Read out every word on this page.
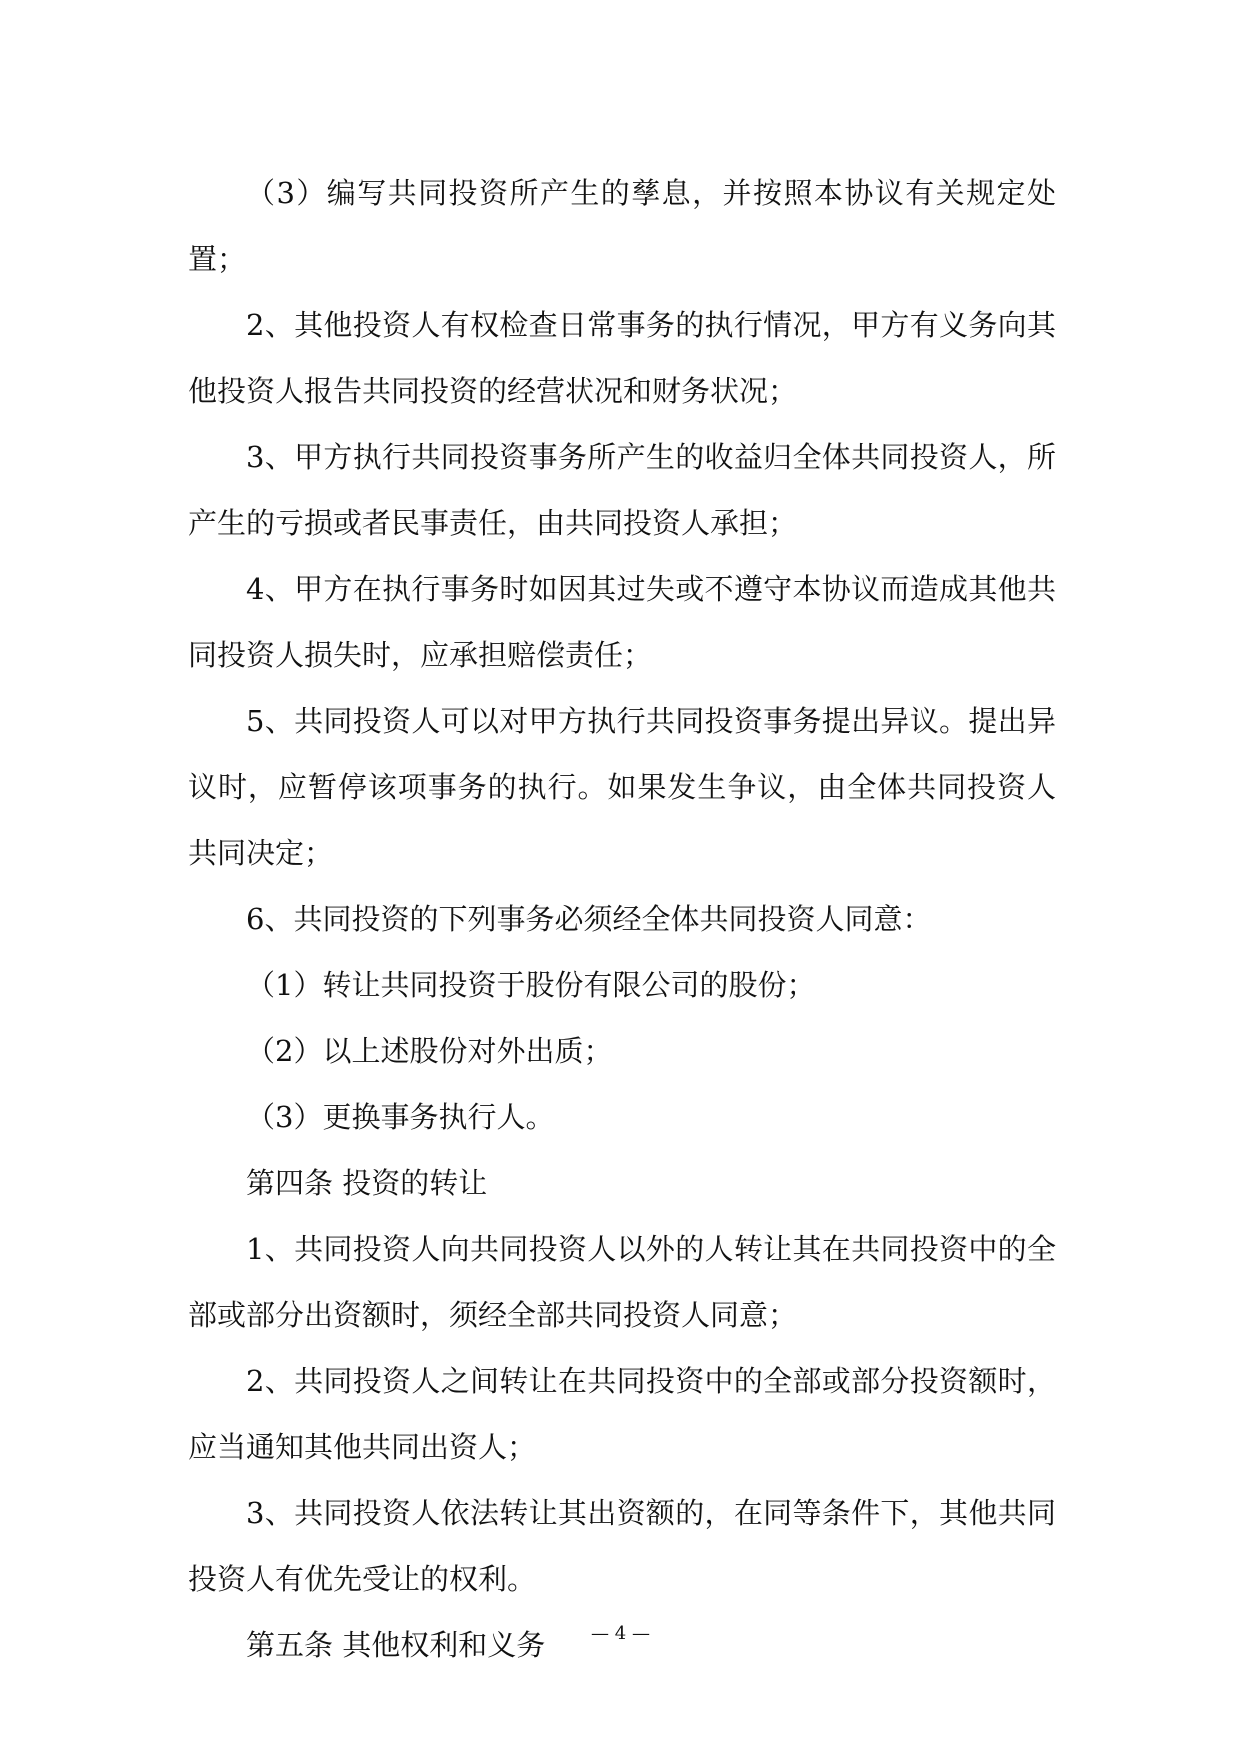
（3）编写共同投资所产生的孳息，并按照本协议有关规定处置；

2、其他投资人有权检查日常事务的执行情况，甲方有义务向其他投资人报告共同投资的经营状况和财务状况；

3、甲方执行共同投资事务所产生的收益归全体共同投资人，所产生的亏损或者民事责任，由共同投资人承担；

4、甲方在执行事务时如因其过失或不遵守本协议而造成其他共同投资人损失时，应承担赔偿责任；

5、共同投资人可以对甲方执行共同投资事务提出异议。提出异议时，应暂停该项事务的执行。如果发生争议，由全体共同投资人共同决定；

6、共同投资的下列事务必须经全体共同投资人同意：

（1）转让共同投资于股份有限公司的股份；

（2）以上述股份对外出质；

（3）更换事务执行人。

第四条 投资的转让

1、共同投资人向共同投资人以外的人转让其在共同投资中的全部或部分出资额时，须经全部共同投资人同意；

2、共同投资人之间转让在共同投资中的全部或部分投资额时，应当通知其他共同出资人；

3、共同投资人依法转让其出资额的，在同等条件下，其他共同投资人有优先受让的权利。

第五条 其他权利和义务	— 4 —
